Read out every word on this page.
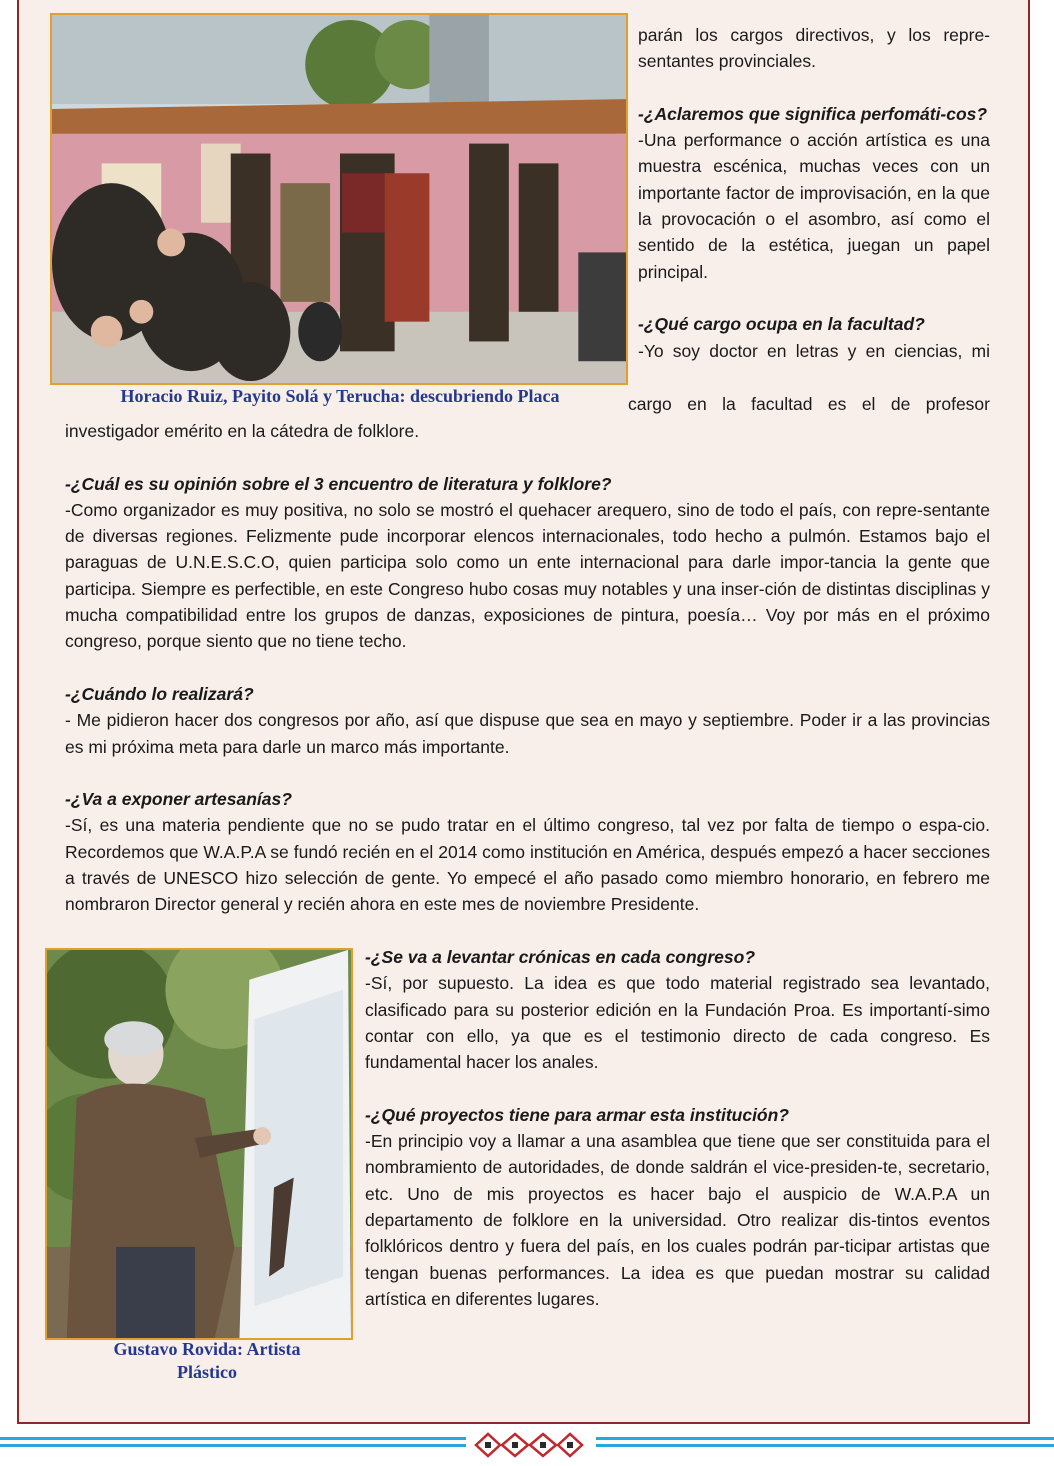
Horacio Ruiz, Payito Solá y Terucha: descubriendo Placa

parán los cargos directivos, y los repre-sentantes provinciales.

-¿Aclaremos que significa perfomáti-cos?

-Una performance o acción artística es una muestra escénica, muchas veces con un importante factor de improvisación, en la que la provocación o el asombro, así como el sentido de la estética, juegan un papel principal.

-¿Qué cargo ocupa en la facultad?

-Yo soy doctor en letras y en ciencias, mi

cargo en la facultad es el de profesor

investigador emérito en la cátedra de folklore.

-¿Cuál es su opinión sobre el 3 encuentro de literatura y folklore?

-Como organizador es muy positiva, no solo se mostró el quehacer arequero, sino de todo el país, con repre-sentante de diversas regiones. Felizmente pude incorporar elencos internacionales, todo hecho a pulmón. Estamos bajo el paraguas de U.N.E.S.C.O, quien participa solo como un ente internacional para darle impor-tancia la gente que participa. Siempre es perfectible, en este Congreso hubo cosas muy notables y una inser-ción de distintas disciplinas y mucha compatibilidad entre los grupos de danzas, exposiciones de pintura, poesía… Voy por más en el próximo congreso, porque siento que no tiene techo.

-¿Cuándo lo realizará?

- Me pidieron hacer dos congresos por año, así que dispuse que sea en mayo y septiembre. Poder ir a las provincias es mi próxima meta para darle un marco más importante.

-¿Va a exponer artesanías?

-Sí, es una materia pendiente que no se pudo tratar en el último congreso, tal vez por falta de tiempo o espa-cio. Recordemos que W.A.P.A se fundó recién en el 2014 como institución en América, después empezó a hacer secciones a través de UNESCO hizo selección de gente. Yo empecé el año pasado como miembro honorario, en febrero me nombraron Director general y recién ahora en este mes de noviembre Presidente.

Gustavo Rovida: Artista
Plástico

-¿Se va a levantar crónicas en cada congreso?

-Sí, por supuesto. La idea es que todo material registrado sea levantado, clasificado para su posterior edición en la Fundación Proa. Es importantí-simo contar con ello, ya que es el testimonio directo de cada congreso. Es fundamental hacer los anales.

-¿Qué proyectos tiene para armar esta institución?

-En principio voy a llamar a una asamblea que tiene que ser constituida para el nombramiento de autoridades, de donde saldrán el vice-presiden-te, secretario, etc. Uno de mis proyectos es hacer bajo el auspicio de W.A.P.A un departamento de folklore en la universidad. Otro realizar dis-tintos eventos folklóricos dentro y fuera del país, en los cuales podrán par-ticipar artistas que tengan buenas performances. La idea es que puedan mostrar su calidad artística en diferentes lugares.
